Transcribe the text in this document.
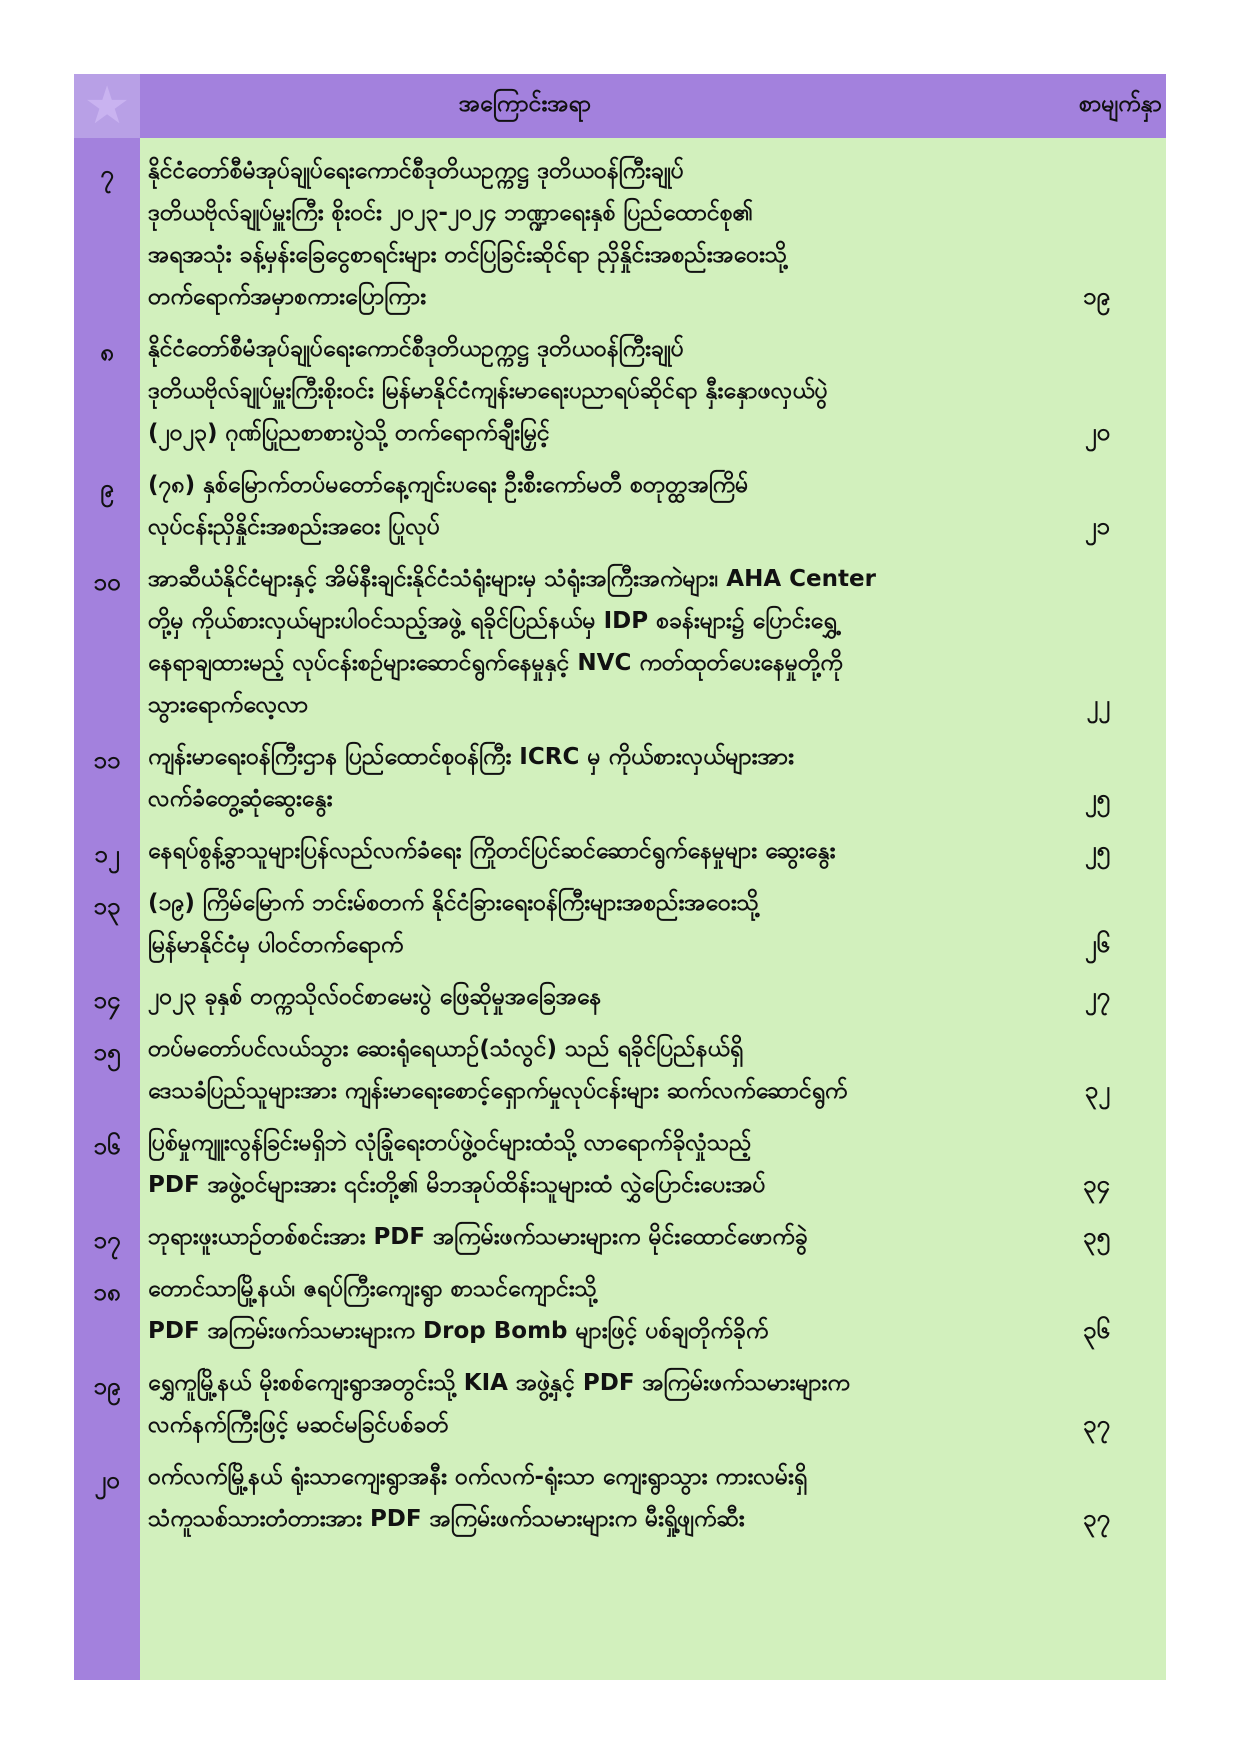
★	အကြောင်းအရာ	စာမျက်နှာ
၇	နိုင်ငံတော်စီမံအုပ်ချုပ်ရေးကောင်စီဒုတိယဥက္ကဋ္ဌ ဒုတိယဝန်ကြီးချုပ်
ဒုတိယဗိုလ်ချုပ်မှူးကြီး စိုးဝင်း ၂၀၂၃-၂၀၂၄ ဘဏ္ဍာရေးနှစ် ပြည်ထောင်စု၏
အရအသုံး ခန့်မှန်းခြေငွေစာရင်းများ တင်ပြခြင်းဆိုင်ရာ ညှိနှိုင်းအစည်းအဝေးသို့
တက်ရောက်အမှာစကားပြောကြား	၁၉
၈	နိုင်ငံတော်စီမံအုပ်ချုပ်ရေးကောင်စီဒုတိယဥက္ကဋ္ဌ ဒုတိယဝန်ကြီးချုပ်
ဒုတိယဗိုလ်ချုပ်မှူးကြီးစိုးဝင်း မြန်မာနိုင်ငံကျန်းမာရေးပညာရပ်ဆိုင်ရာ နှီးနှောဖလှယ်ပွဲ
(၂၀၂၃) ဂုဏ်ပြုညစာစားပွဲသို့ တက်ရောက်ချီးမြှင့်	၂၀
၉	(၇၈) နှစ်မြောက်တပ်မတော်နေ့ကျင်းပရေး ဦးစီးကော်မတီ စတုတ္ထအကြိမ်
လုပ်ငန်းညှိနှိုင်းအစည်းအဝေး ပြုလုပ်	၂၁
၁၀	အာဆီယံနိုင်ငံများနှင့် အိမ်နီးချင်းနိုင်ငံသံရုံးများမှ သံရုံးအကြီးအကဲများ၊ AHA Center
တို့မှ ကိုယ်စားလှယ်များပါဝင်သည့်အဖွဲ့ ရခိုင်ပြည်နယ်မှ IDP စခန်းများ၌ ပြောင်းရွှေ့
နေရာချထားမည့် လုပ်ငန်းစဉ်များဆောင်ရွက်နေမှုနှင့် NVC ကတ်ထုတ်ပေးနေမှုတို့ကို
သွားရောက်လေ့လာ	၂၂
၁၁	ကျန်းမာရေးဝန်ကြီးဌာန ပြည်ထောင်စုဝန်ကြီး ICRC မှ ကိုယ်စားလှယ်များအား
လက်ခံတွေ့ဆုံဆွေးနွေး	၂၅
၁၂	နေရပ်စွန့်ခွာသူများပြန်လည်လက်ခံရေး ကြိုတင်ပြင်ဆင်ဆောင်ရွက်နေမှုများ ဆွေးနွေး	၂၅
၁၃	(၁၉) ကြိမ်မြောက် ဘင်းမ်စတက် နိုင်ငံခြားရေးဝန်ကြီးများအစည်းအဝေးသို့
မြန်မာနိုင်ငံမှ ပါဝင်တက်ရောက်	၂၆
၁၄	၂၀၂၃ ခုနှစ် တက္ကသိုလ်ဝင်စာမေးပွဲ ဖြေဆိုမှုအခြေအနေ	၂၇
၁၅	တပ်မတော်ပင်လယ်သွား ဆေးရုံရေယာဉ်(သံလွင်) သည် ရခိုင်ပြည်နယ်ရှိ
ဒေသခံပြည်သူများအား ကျန်းမာရေးစောင့်ရှောက်မှုလုပ်ငန်းများ ဆက်လက်ဆောင်ရွက်	၃၂
၁၆	ပြစ်မှုကျူးလွန်ခြင်းမရှိဘဲ လုံခြုံရေးတပ်ဖွဲ့ဝင်များထံသို့ လာရောက်ခိုလှုံသည့်
PDF အဖွဲ့ဝင်များအား ၎င်းတို့၏ မိဘအုပ်ထိန်းသူများထံ လွှဲပြောင်းပေးအပ်	၃၄
၁၇	ဘုရားဖူးယာဉ်တစ်စင်းအား PDF အကြမ်းဖက်သမားများက မိုင်းထောင်ဖောက်ခွဲ	၃၅
၁၈	တောင်သာမြို့နယ်၊ ဇရပ်ကြီးကျေးရွာ စာသင်ကျောင်းသို့
PDF အကြမ်းဖက်သမားများက Drop Bomb များဖြင့် ပစ်ချတိုက်ခိုက်	၃၆
၁၉	ရွှေကူမြို့နယ် မိုးစစ်ကျေးရွာအတွင်းသို့ KIA အဖွဲ့နှင့် PDF အကြမ်းဖက်သမားများက
လက်နက်ကြီးဖြင့် မဆင်မခြင်ပစ်ခတ်	၃၇
၂၀	ဝက်လက်မြို့နယ် ရုံးသာကျေးရွာအနီး ဝက်လက်-ရုံးသာ ကျေးရွာသွား ကားလမ်းရှိ
သံကူသစ်သားတံတားအား PDF အကြမ်းဖက်သမားများက မီးရှို့ဖျက်ဆီး	၃၇
